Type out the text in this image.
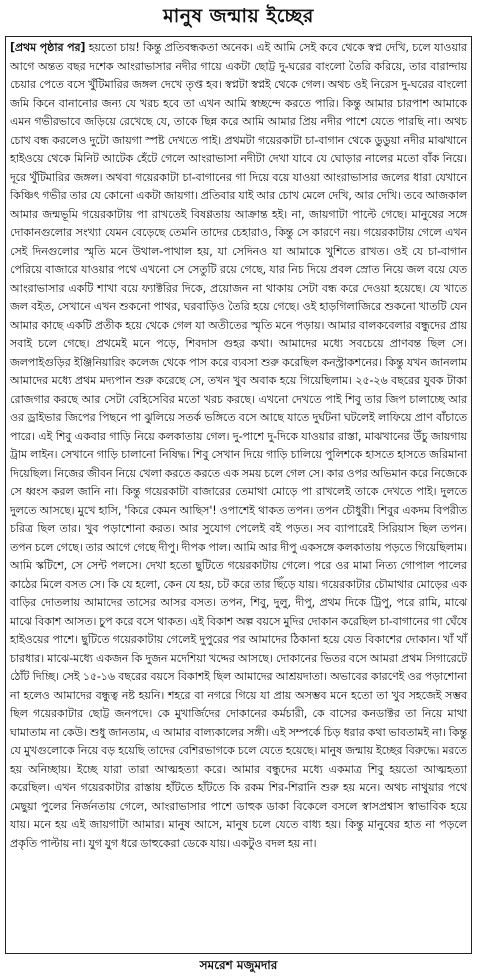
মানুষ জন্মায় ইচ্ছের
[প্রথম পৃষ্ঠার পর] হয়তো চায়! কিন্তু প্রতিবন্ধকতা অনেক। এই আমি সেই কবে থেকে স্বপ্ন দেখি, চলে যাওয়ার আগে অন্তত বছর দশেক আংরাভাসার নদীর গায়ে একটা ছোট্ট দু-ঘরের বাংলো তৈরি করিয়ে, তার বারান্দায় চেয়ার পেতে বসে খুঁটিমারির জঙ্গল দেখে তৃপ্ত হব। স্বপ্নটা স্বপ্নই থেকে গেল। অথচ ওই নিরেস দু-ঘরের বাংলো জমি কিনে বানানোর জন্য যে খরচ হবে তা এখন আমি স্বচ্ছন্দে করতে পারি। কিন্তু আমার চারপাশ আমাকে এমন গভীরভাবে জড়িয়ে রেখেছে যে, তাকে ছিন্ন করে আমি আমার প্রিয় নদীর পাশে যেতে পারছি না। অথচ চোখ বন্ধ করলেও দুটো জায়গা স্পষ্ট দেখতে পাই। প্রথমটা গয়েরকাটা চা-বাগান থেকে ডুডুয়া নদীর মাঝখানে হাইওয়ে থেকে মিনিট আটেক হেঁটে গেলে আংরাভাসা নদীটা দেখা যাবে যে ঘোড়ার নালের মতো বাঁক নিয়ে। দূরে খুঁটিমারির জঙ্গল। অথবা গয়েরকাটা চা-বাগানের গা দিয়ে বয়ে যাওয়া আংরাভাসার জলের ধারা যেখানে কিঞ্চিৎ গভীর তার যে কোনো একটা জায়গা। প্রতিবার যাই আর চোখ মেলে দেখি, আর দেখি। তবে আজকাল আমার জন্মভূমি গয়েরকাটায় পা রাখতেই বিষণ্ণতায় আক্রান্ত হই। না, জায়গাটা পাল্টে গেছে। মানুষের সঙ্গে দোকানগুলোর সংখ্যা যেমন বেড়েছে তেমনি তাদের চেহারাও, কিন্তু সে কারণে নয়। গয়েরকাটায় গেলে এখন সেই দিনগুলোর স্মৃতি মনে উথাল-পাথাল হয়, যা সেদিনও যা আমাকে খুশিতে রাখত। ওই যে চা-বাগান পেরিয়ে বাজারে যাওয়ার পথে এখনো সে সেতুটি রয়ে গেছে, যার নিচ দিয়ে প্রবল স্রোত নিয়ে জল বয়ে যেত আংরাভাসার একটি শাখা বয়ে ফ্যাক্টরির দিকে, প্রয়োজন না থাকায় সেটা বন্ধ করে দেওয়া হয়েছে। যে খাতে জল বইত, সেখানে এখন শুকনো পাথর, ঘরবাড়িও তৈরি হয়ে গেছে। ওই হাড়গিলাজিরে শুকনো খাতটি যেন আমার কাছে একটি প্রতীক হয়ে থেকে গেল যা অতীতের স্মৃতি মনে পড়ায়। আমার বালকবেলার বন্ধুদের প্রায় সবাই চলে গেছে। প্রথমেই মনে পড়ে, শিবদাস গুহর কথা। আমাদের মধ্যে সবচেয়ে প্রাণবন্ত ছিল সে। জলপাইগুড়ির ইঞ্জিনিয়ারিং কলেজ থেকে পাস করে ব্যবসা শুরু করেছিল কনস্ট্রাকশনের। কিন্তু যখন জানলাম আমাদের মধ্যে প্রথম মদ্যপান শুরু করেছে সে, তখন খুব অবাক হয়ে গিয়েছিলাম। ২৫-২৬ বছরের যুবক টাকা রোজগার করছে আর সেটা বেহিসেবির মতো খরচ করছে। এখনো দেখতে পাই শিবু তার জিপ চালাচ্ছে আর ওর ড্রাইভার জিপের পিছনে পা ঝুলিয়ে সতর্ক ভঙ্গিতে বসে আছে যাতে দুর্ঘটনা ঘটলেই লাফিয়ে প্রাণ বাঁচাতে পারে। এই শিবু একবার গাড়ি নিয়ে কলকাতায় গেল। দু-পাশে দু-দিকে যাওয়ার রাস্তা, মাঝখানের উঁচু জায়গায় ট্রাম লাইন। সেখানে গাড়ি চালানো নিষিদ্ধ। শিবু সেখান দিয়ে গাড়ি চালিয়ে পুলিশকে হাসতে হাসতে জরিমানা দিয়েছিল। নিজের জীবন নিয়ে খেলা করতে করতে এক সময় চলে গেল সে। কার ওপর অভিমান করে নিজেকে সে ধ্বংস করল জানি না। কিন্তু গয়েরকাটা বাজারের তেমাথা মোড়ে পা রাখলেই তাকে দেখতে পাই। দুলতে দুলতে আসছে। মুখে হাসি, 'কিরে কেমন আছিস'! ওপাশেই থাকত তপন। তপন চৌধুরী। শিবুর একদম বিপরীত চরিত্র ছিল তার। খুব পড়াশোনা করত। আর সুযোগ পেলেই বই পড়ত। সব ব্যাপারেই সিরিয়াস ছিল তপন। তপন চলে গেছে। তার আগে গেছে দীপু। দীপক পাল। আমি আর দীপু একসঙ্গে কলকাতায় পড়তে গিয়েছিলাম। আমি স্কটিশে, সে সেন্ট পলসে। দেখা হতো ছুটিতে গয়েরকাটায় গেলে। পরে ওর মামা নিত্য গোপাল পালের কাঠের মিলে বসত সে। কি যে হলো, কেন যে হয়, চট করে তার ছিঁড়ে যায়। গয়েরকাটার চৌমাথার মোড়ের এক বাড়ির দোতলায় আমাদের তাসের আসর বসত। তপন, শিবু, দুলু, দীপু, প্রথম দিকে ট্রিপু, পরে রামি, মাঝে মাঝে বিকাশ আসত। চুপ করে বসে থাকত। এই বিকাশ অল্প বয়সে মুদির দোকান করেছিল চা-বাগানের গা ঘেঁষে হাইওয়ের পাশে। ছুটিতে গয়েরকাটায় গেলেই দুপুরের পর আমাদের ঠিকানা হয়ে যেত বিকাশের দোকান। খাঁ খাঁ চারধার। মাঝে-মধ্যে একজন কি দুজন মদেশিয়া খদ্দের আসছে। দোকানের ভিতর বসে আমরা প্রথম সিগারেটে ঠোঁট দিচ্ছি। সেই ১৫-১৬ বছরের বয়সে বিকাশই ছিল আমাদের আশ্রয়দাতা। অভাবের কারণেই ওর পড়াশোনা না হলেও আমাদের বন্ধুত্ব নষ্ট হয়নি। শহরে বা নগরে গিয়ে যা প্রায় অসম্ভব মনে হতো তা খুব সহজেই সম্ভব ছিল গয়েরকাটার ছোট্ট জনপদে। কে মুখার্জিদের দোকানের কর্মচারী, কে বাসের কনডাক্টর তা নিয়ে মাথা ঘামাতাম না কেউ। শুধু জানতাম, এ আমার বাল্যকালের সঙ্গী। এই সম্পর্কে চিড় ধরার কথা ভাবতামই না। কিন্তু যে মুখগুলোকে নিয়ে বড় হয়েছি তাদের বেশিরভাগকে চলে যেতে হয়েছে। মানুষ জন্মায় ইচ্ছের বিরুদ্ধে। মরতে হয় অনিচ্ছায়। ইচ্ছে যারা তারা আত্মহত্যা করে। আমার বন্ধুদের মধ্যে একমাত্র শিবু হয়তো আত্মহত্যা করেছিল। এখন গয়েরকাটার রাস্তায় হাঁটতে হাঁটতে কি রকম শির-শিরানি শুরু হয় মনে। অথচ নাথুয়ার পথে মেছুয়া পুলের নির্জনতায় গেলে, আংরাভাসার পাশে ডাহুক ডাকা বিকেলে বসলে স্বাসপ্রশ্বাস স্বাভাবিক হয়ে যায়। মনে হয় এই জায়গাটা আমার। মানুষ আসে, মানুষ চলে যেতে বাধ্য হয়। কিন্তু মানুষের হাত না পড়লে প্রকৃতি পাল্টায় না। যুগ যুগ ধরে ডাহুকেরা ডেকে যায়। একটুও বদল হয় না।
সমরেশ মজুমদার
